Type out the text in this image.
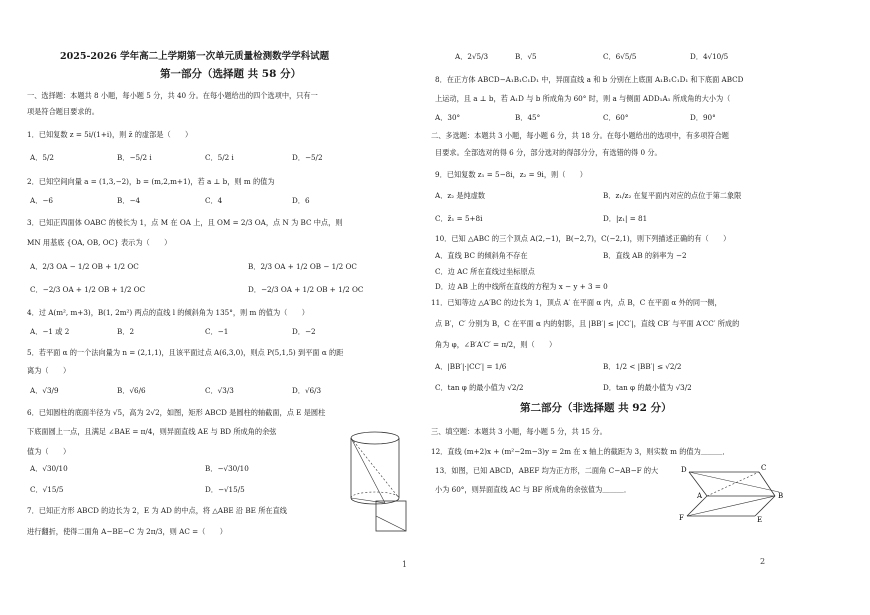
2025-2026 学年高二上学期第一次单元质量检测数学学科试题
第一部分（选择题 共 58 分）
一、选择题：本题共 8 小题，每小题 5 分，共 40 分。在每小题给出的四个选项中，只有一
项是符合题目要求的。
1．已知复数 z = 5i/(1+i)，则 z̄ 的虚部是（　　）
A．5/2	B．−5/2 i	C．5/2 i	D．−5/2
2．已知空间向量 a = (1,3,−2)，b = (m,2,m+1)，若 a ⊥ b，则 m 的值为
A．−6	B．−4	C．4	D．6
3．已知正四面体 OABC 的棱长为 1，点 M 在 OA 上，且 OM = 2/3 OA，点 N 为 BC 中点，则
MN 用基底 {OA, OB, OC} 表示为（　　）
A．2/3 OA − 1/2 OB + 1/2 OC	B．2/3 OA + 1/2 OB − 1/2 OC
C．−2/3 OA + 1/2 OB + 1/2 OC	D．−2/3 OA + 1/2 OB + 1/2 OC
4．过 A(m², m+3)，B(1, 2m²) 两点的直线 l 的倾斜角为 135°，则 m 的值为（　　）
A．−1 或 2	B．2	C．−1	D．−2
5．若平面 α 的一个法向量为 n = (2,1,1)，且该平面过点 A(6,3,0)，则点 P(5,1,5) 到平面 α 的距
离为（　　）
A．√3/9	B．√6/6	C．√3/3	D．√6/3
6．已知圆柱的底面半径为 √5，高为 2√2，如图，矩形 ABCD 是圆柱的轴截面，点 E 是圆柱
下底面圆上一点，且满足 ∠BAE = π/4，则异面直线 AE 与 BD 所成角的余弦
值为（　　）
A．√30/10	B．−√30/10
C．√15/5	D．−√15/5
7．已知正方形 ABCD 的边长为 2，E 为 AD 的中点，将 △ABE 沿 BE 所在直线
进行翻折，使得二面角 A−BE−C 为 2π/3，则 AC =（　　）
1
A．2√5/3	B．√5	C．6√5/5	D．4√10/5
8．在正方体 ABCD−A₁B₁C₁D₁ 中，异面直线 a 和 b 分别在上底面 A₁B₁C₁D₁ 和下底面 ABCD
上运动，且 a ⊥ b，若 A₁D 与 b 所成角为 60° 时，则 a 与侧面 ADD₁A₁ 所成角的大小为（
A．30°	B．45°	C．60°	D．90°
二、多选题：本题共 3 小题，每小题 6 分，共 18 分。在每小题给出的选项中，有多项符合题
目要求。全部选对的得 6 分，部分选对的得部分分，有选错的得 0 分。
9．已知复数 z₁ = 5−8i，z₂ = 9i，则（　　）
A．z₂ 是纯虚数	B．z₁/z₂ 在复平面内对应的点位于第二象限
C．z̄₁ = 5+8i	D．|z₁| = 81
10．已知 △ABC 的三个顶点 A(2,−1)，B(−2,7)，C(−2,1)，则下列描述正确的有（　　）
A．直线 BC 的倾斜角不存在	B．直线 AB 的斜率为 −2
C．边 AC 所在直线过坐标原点
D．边 AB 上的中线所在直线的方程为 x − y + 3 = 0
11．已知等边 △A′BC 的边长为 1，顶点 A′ 在平面 α 内，点 B，C 在平面 α 外的同一侧，
点 B′，C′ 分别为 B，C 在平面 α 内的射影，且 |BB′| ≤ |CC′|，直线 CB′ 与平面 A′CC′ 所成的
角为 φ，∠B′A′C′ = π/2，则（　　）
A．|BB′|·|CC′| = 1/6	B．1/2 < |BB′| ≤ √2/2
C．tan φ 的最小值为 √2/2	D．tan φ 的最小值为 √3/2
第二部分（非选择题 共 92 分）
三、填空题：本题共 3 小题，每小题 5 分，共 15 分。
12．直线 (m+2)x + (m²−2m−3)y = 2m 在 x 轴上的截距为 3，则实数 m 的值为＿＿＿．
13．如图，已知 ABCD，ABEF 均为正方形，二面角 C−AB−F 的大
小为 60°，则异面直线 AC 与 BF 所成角的余弦值为＿＿＿．
D	C
A	B
F	E
2
